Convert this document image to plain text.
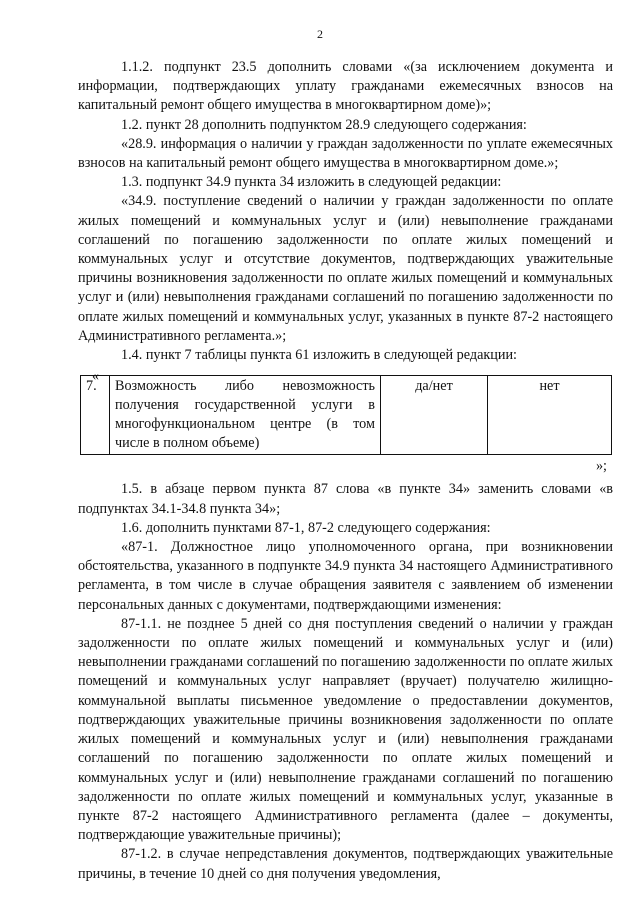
2

1.1.2. подпункт 23.5 дополнить словами «(за исключением документа и информации, подтверждающих уплату гражданами ежемесячных взносов на капитальный ремонт общего имущества в многоквартирном доме)»;

1.2. пункт 28 дополнить подпунктом 28.9 следующего содержания:

«28.9. информация о наличии у граждан задолженности по уплате ежемесячных взносов на капитальный ремонт общего имущества в многоквартирном доме.»;

1.3. подпункт 34.9 пункта 34 изложить в следующей редакции:

«34.9. поступление сведений о наличии у граждан задолженности по оплате жилых помещений и коммунальных услуг и (или) невыполнение гражданами соглашений по погашению задолженности по оплате жилых помещений и коммунальных услуг и отсутствие документов, подтверждающих уважительные причины возникновения задолженности по оплате жилых помещений и коммунальных услуг и (или) невыполнения гражданами соглашений по погашению задолженности по оплате жилых помещений и коммунальных услуг, указанных в пункте 87-2 настоящего Административного регламента.»;

1.4. пункт 7 таблицы пункта 61 изложить в следующей редакции:

«
7.	Возможность либо невозможность получения государственной услуги в многофункциональном центре (в том числе в полном объеме)	да/нет	нет
»;

1.5. в абзаце первом пункта 87 слова «в пункте 34» заменить словами «в подпунктах 34.1-34.8 пункта 34»;

1.6. дополнить пунктами 87-1, 87-2 следующего содержания:

«87-1. Должностное лицо уполномоченного органа, при возникновении обстоятельства, указанного в подпункте 34.9 пункта 34 настоящего Административного регламента, в том числе в случае обращения заявителя с заявлением об изменении персональных данных с документами, подтверждающими изменения:

87-1.1. не позднее 5 дней со дня поступления сведений о наличии у граждан задолженности по оплате жилых помещений и коммунальных услуг и (или) невыполнении гражданами соглашений по погашению задолженности по оплате жилых помещений и коммунальных услуг направляет (вручает) получателю жилищно-коммунальной выплаты письменное уведомление о предоставлении документов, подтверждающих уважительные причины возникновения задолженности по оплате жилых помещений и коммунальных услуг и (или) невыполнения гражданами соглашений по погашению задолженности по оплате жилых помещений и коммунальных услуг и (или) невыполнение гражданами соглашений по погашению задолженности по оплате жилых помещений и коммунальных услуг, указанные в пункте 87-2 настоящего Административного регламента (далее – документы, подтверждающие уважительные причины);

87-1.2. в случае непредставления документов, подтверждающих уважительные причины, в течение 10 дней со дня получения уведомления,
